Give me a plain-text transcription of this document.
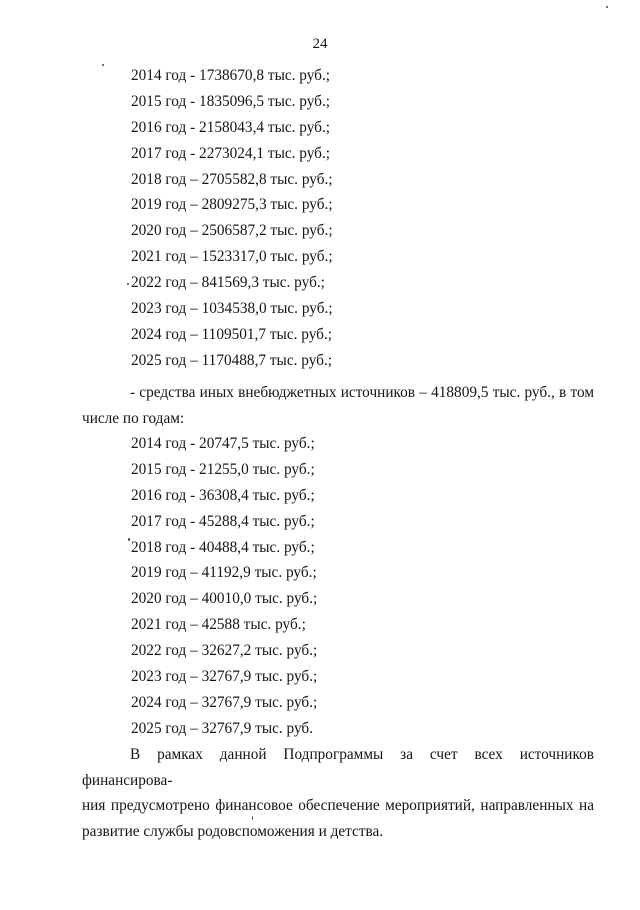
24
2014 год - 1738670,8 тыс. руб.;
2015 год - 1835096,5 тыс. руб.;
2016 год - 2158043,4 тыс. руб.;
2017 год - 2273024,1 тыс. руб.;
2018 год – 2705582,8 тыс. руб.;
2019 год – 2809275,3 тыс. руб.;
2020 год – 2506587,2 тыс. руб.;
2021 год – 1523317,0 тыс. руб.;
2022 год – 841569,3 тыс. руб.;
2023 год – 1034538,0 тыс. руб.;
2024 год – 1109501,7 тыс. руб.;
2025 год – 1170488,7 тыс. руб.;

- средства иных внебюджетных источников – 418809,5 тыс. руб., в том
числе по годам:

2014 год - 20747,5 тыс. руб.;
2015 год - 21255,0 тыс. руб.;
2016 год - 36308,4 тыс. руб.;
2017 год - 45288,4 тыс. руб.;
2018 год - 40488,4 тыс. руб.;
2019 год – 41192,9 тыс. руб.;
2020 год – 40010,0 тыс. руб.;
2021 год – 42588 тыс. руб.;
2022 год – 32627,2 тыс. руб.;
2023 год – 32767,9 тыс. руб.;
2024 год – 32767,9 тыс. руб.;
2025 год – 32767,9 тыс. руб.

В рамках данной Подпрограммы за счет всех источников финансирова-
ния предусмотрено финансовое обеспечение мероприятий, направленных на
развитие службы родовспоможения и детства.
